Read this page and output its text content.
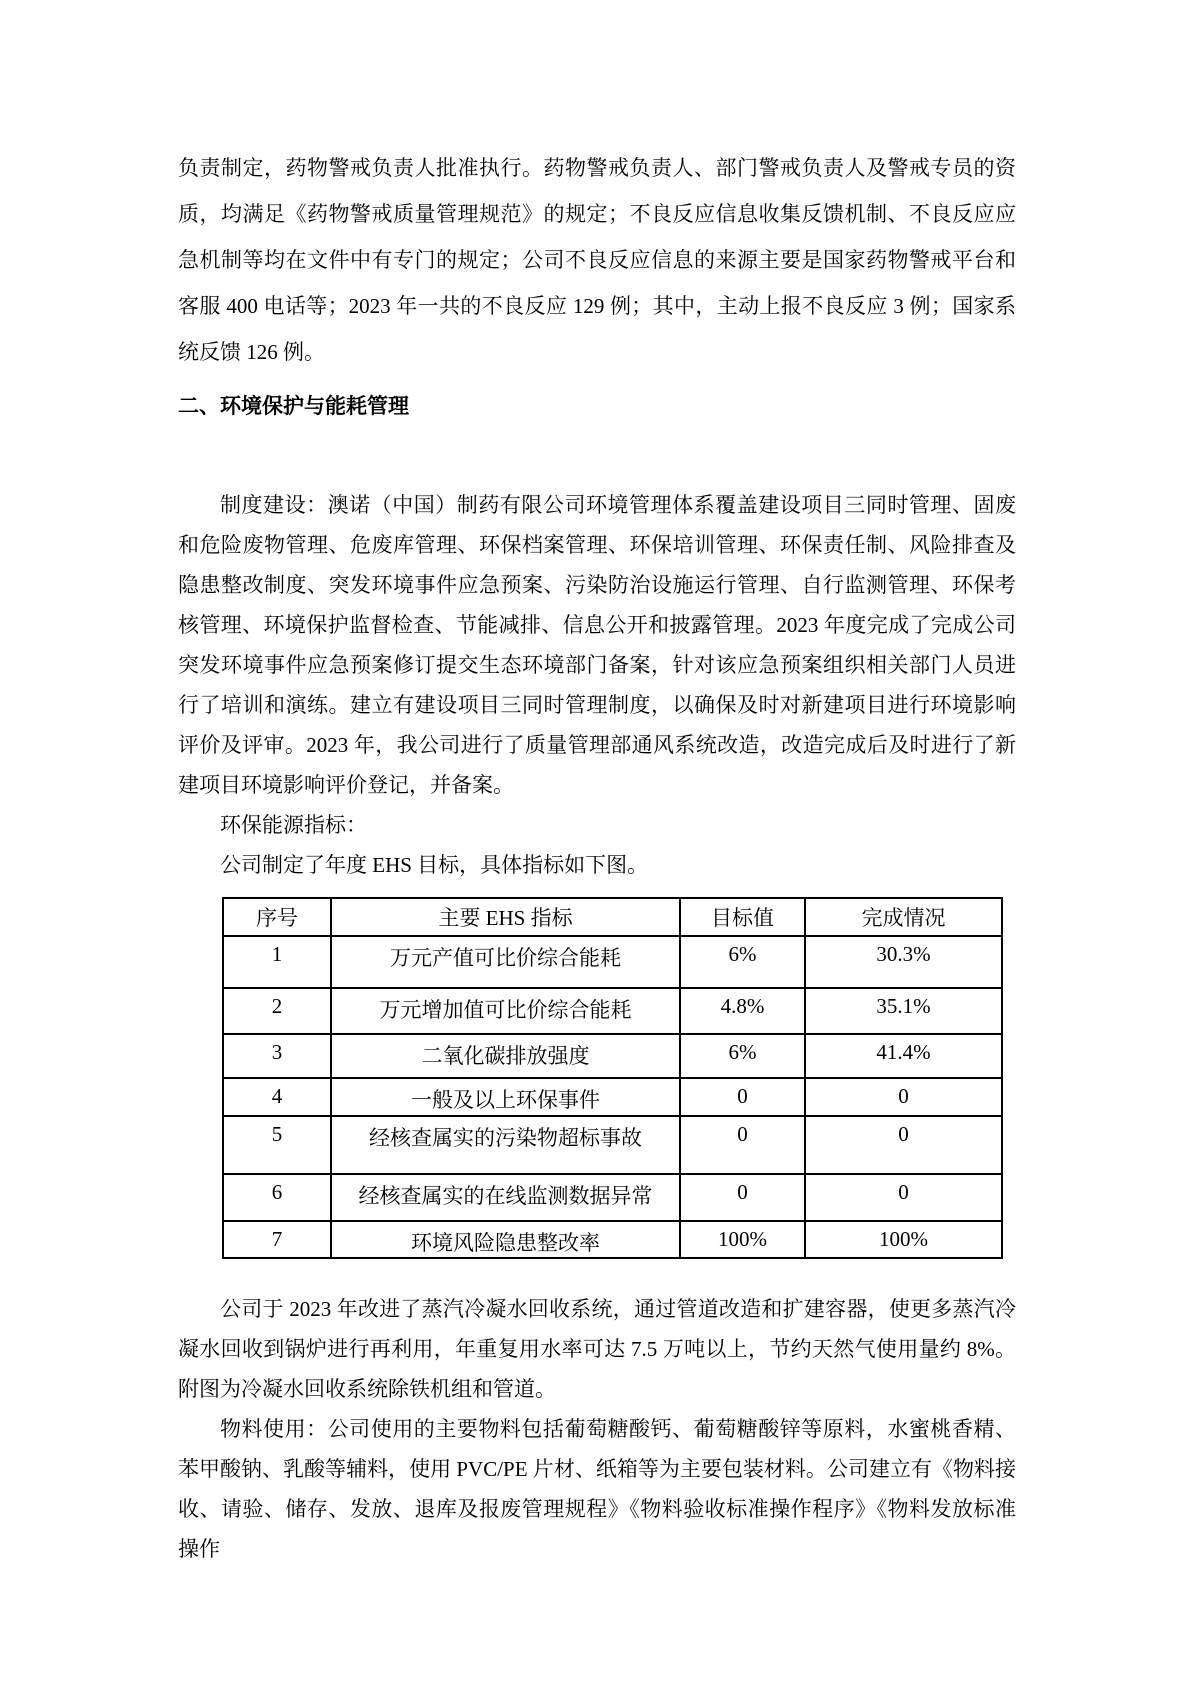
负责制定，药物警戒负责人批准执行。药物警戒负责人、部门警戒负责人及警戒专员的资质，均满足《药物警戒质量管理规范》的规定；不良反应信息收集反馈机制、不良反应应急机制等均在文件中有专门的规定；公司不良反应信息的来源主要是国家药物警戒平台和客服 400 电话等；2023 年一共的不良反应 129 例；其中，主动上报不良反应 3 例；国家系统反馈 126 例。

二、环境保护与能耗管理

制度建设：澳诺（中国）制药有限公司环境管理体系覆盖建设项目三同时管理、固废和危险废物管理、危废库管理、环保档案管理、环保培训管理、环保责任制、风险排查及隐患整改制度、突发环境事件应急预案、污染防治设施运行管理、自行监测管理、环保考核管理、环境保护监督检查、节能减排、信息公开和披露管理。2023 年度完成了完成公司突发环境事件应急预案修订提交生态环境部门备案，针对该应急预案组织相关部门人员进行了培训和演练。建立有建设项目三同时管理制度，以确保及时对新建项目进行环境影响评价及评审。2023 年，我公司进行了质量管理部通风系统改造，改造完成后及时进行了新建项目环境影响评价登记，并备案。

环保能源指标：

公司制定了年度 EHS 目标，具体指标如下图。

序号	主要 EHS 指标	目标值	完成情况
1	万元产值可比价综合能耗	6%	30.3%
2	万元增加值可比价综合能耗	4.8%	35.1%
3	二氧化碳排放强度	6%	41.4%
4	一般及以上环保事件	0	0
5	经核查属实的污染物超标事故	0	0
6	经核查属实的在线监测数据异常	0	0
7	环境风险隐患整改率	100%	100%

公司于 2023 年改进了蒸汽冷凝水回收系统，通过管道改造和扩建容器，使更多蒸汽冷凝水回收到锅炉进行再利用，年重复用水率可达 7.5 万吨以上，节约天然气使用量约 8%。附图为冷凝水回收系统除铁机组和管道。

物料使用：公司使用的主要物料包括葡萄糖酸钙、葡萄糖酸锌等原料，水蜜桃香精、苯甲酸钠、乳酸等辅料，使用 PVC/PE 片材、纸箱等为主要包装材料。公司建立有《物料接收、请验、储存、发放、退库及报废管理规程》《物料验收标准操作程序》《物料发放标准操作
